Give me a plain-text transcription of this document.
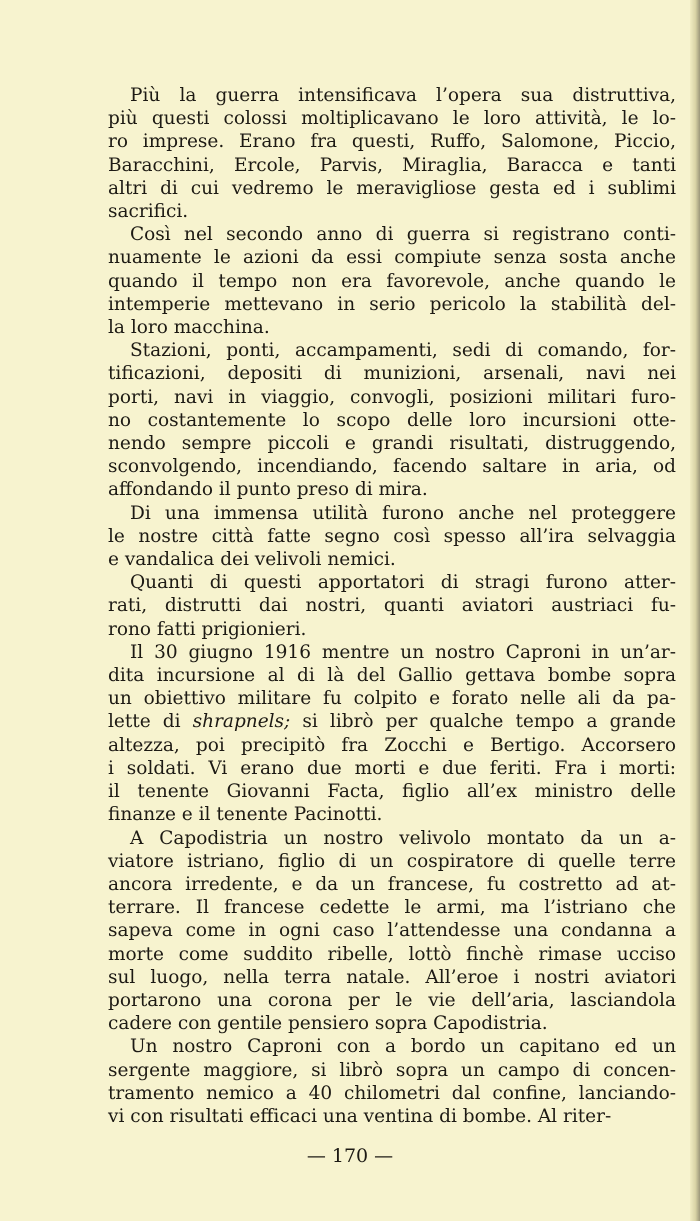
Più la guerra intensificava l’opera sua distruttiva,
più questi colossi moltiplicavano le loro attività, le lo-
ro imprese. Erano fra questi, Ruffo, Salomone, Piccio,
Baracchini, Ercole, Parvis, Miraglia, Baracca e tanti
altri di cui vedremo le meravigliose gesta ed i sublimi
sacrifici.

Così nel secondo anno di guerra si registrano conti-
nuamente le azioni da essi compiute senza sosta anche
quando il tempo non era favorevole, anche quando le
intemperie mettevano in serio pericolo la stabilità del-
la loro macchina.

Stazioni, ponti, accampamenti, sedi di comando, for-
tificazioni, depositi di munizioni, arsenali, navi nei
porti, navi in viaggio, convogli, posizioni militari furo-
no costantemente lo scopo delle loro incursioni otte-
nendo sempre piccoli e grandi risultati, distruggendo,
sconvolgendo, incendiando, facendo saltare in aria, od
affondando il punto preso di mira.

Di una immensa utilità furono anche nel proteggere
le nostre città fatte segno così spesso all’ira selvaggia
e vandalica dei velivoli nemici.

Quanti di questi apportatori di stragi furono atter-
rati, distrutti dai nostri, quanti aviatori austriaci fu-
rono fatti prigionieri.

Il 30 giugno 1916 mentre un nostro Caproni in un’ar-
dita incursione al di là del Gallio gettava bombe sopra
un obiettivo militare fu colpito e forato nelle ali da pa-
lette di shrapnels; si librò per qualche tempo a grande
altezza, poi precipitò fra Zocchi e Bertigo. Accorsero
i soldati. Vi erano due morti e due feriti. Fra i morti:
il tenente Giovanni Facta, figlio all’ex ministro delle
finanze e il tenente Pacinotti.

A Capodistria un nostro velivolo montato da un a-
viatore istriano, figlio di un cospiratore di quelle terre
ancora irredente, e da un francese, fu costretto ad at-
terrare. Il francese cedette le armi, ma l’istriano che
sapeva come in ogni caso l’attendesse una condanna a
morte come suddito ribelle, lottò finchè rimase ucciso
sul luogo, nella terra natale. All’eroe i nostri aviatori
portarono una corona per le vie dell’aria, lasciandola
cadere con gentile pensiero sopra Capodistria.

Un nostro Caproni con a bordo un capitano ed un
sergente maggiore, si librò sopra un campo di concen-
tramento nemico a 40 chilometri dal confine, lanciando-
vi con risultati efficaci una ventina di bombe. Al riter-

— 170 —
